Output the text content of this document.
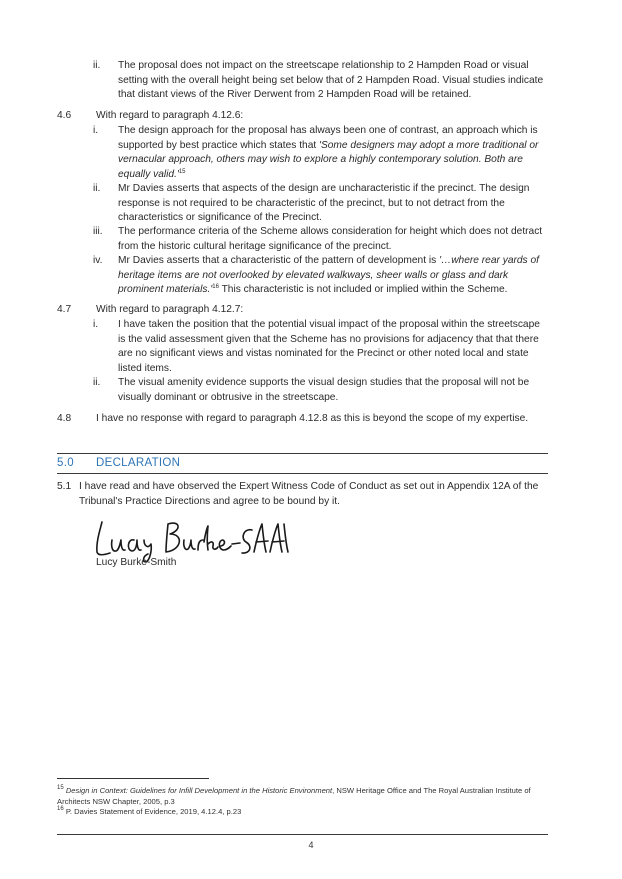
ii.	The proposal does not impact on the streetscape relationship to 2 Hampden Road or visual setting with the overall height being set below that of 2 Hampden Road. Visual studies indicate that distant views of the River Derwent from 2 Hampden Road will be retained.
4.6 With regard to paragraph 4.12.6:
i.	The design approach for the proposal has always been one of contrast, an approach which is supported by best practice which states that 'Some designers may adopt a more traditional or vernacular approach, others may wish to explore a highly contemporary solution. Both are equally $valid.'^{15}$
ii.	Mr Davies asserts that aspects of the design are uncharacteristic if the precinct. The design response is not required to be characteristic of the precinct, but to not detract from the characteristics or significance of the Precinct.
iii.	The performance criteria of the Scheme allows consideration for height which does not detract from the historic cultural heritage significance of the precinct.
iv.	Mr Davies asserts that a characteristic of the pattern of development is '…where rear yards of heritage items are not overlooked by elevated walkways, sheer walls or glass and dark prominent $materials.'^{16}$ This characteristic is not included or implied within the Scheme.
4.7 With regard to paragraph 4.12.7:
i.	I have taken the position that the potential visual impact of the proposal within the streetscape is the valid assessment given that the Scheme has no provisions for adjacency that that there are no significant views and vistas nominated for the Precinct or other noted local and state listed items.
ii.	The visual amenity evidence supports the visual design studies that the proposal will not be visually dominant or obtrusive in the streetscape.
4.8 I have no response with regard to paragraph 4.12.8 as this is beyond the scope of my expertise.
5.0 DECLARATION
5.1 I have read and have observed the Expert Witness Code of Conduct as set out in Appendix 12A of the Tribunal's Practice Directions and agree to be bound by it.
Lucy Burke-Smith
$^{15}$ Design in Context: Guidelines for Infill Development in the Historic Environment, NSW Heritage Office and The Royal Australian Institute of Architects NSW Chapter, 2005, p.3
$^{16}$ P. Davies Statement of Evidence, 2019, 4.12.4, p.23
4
